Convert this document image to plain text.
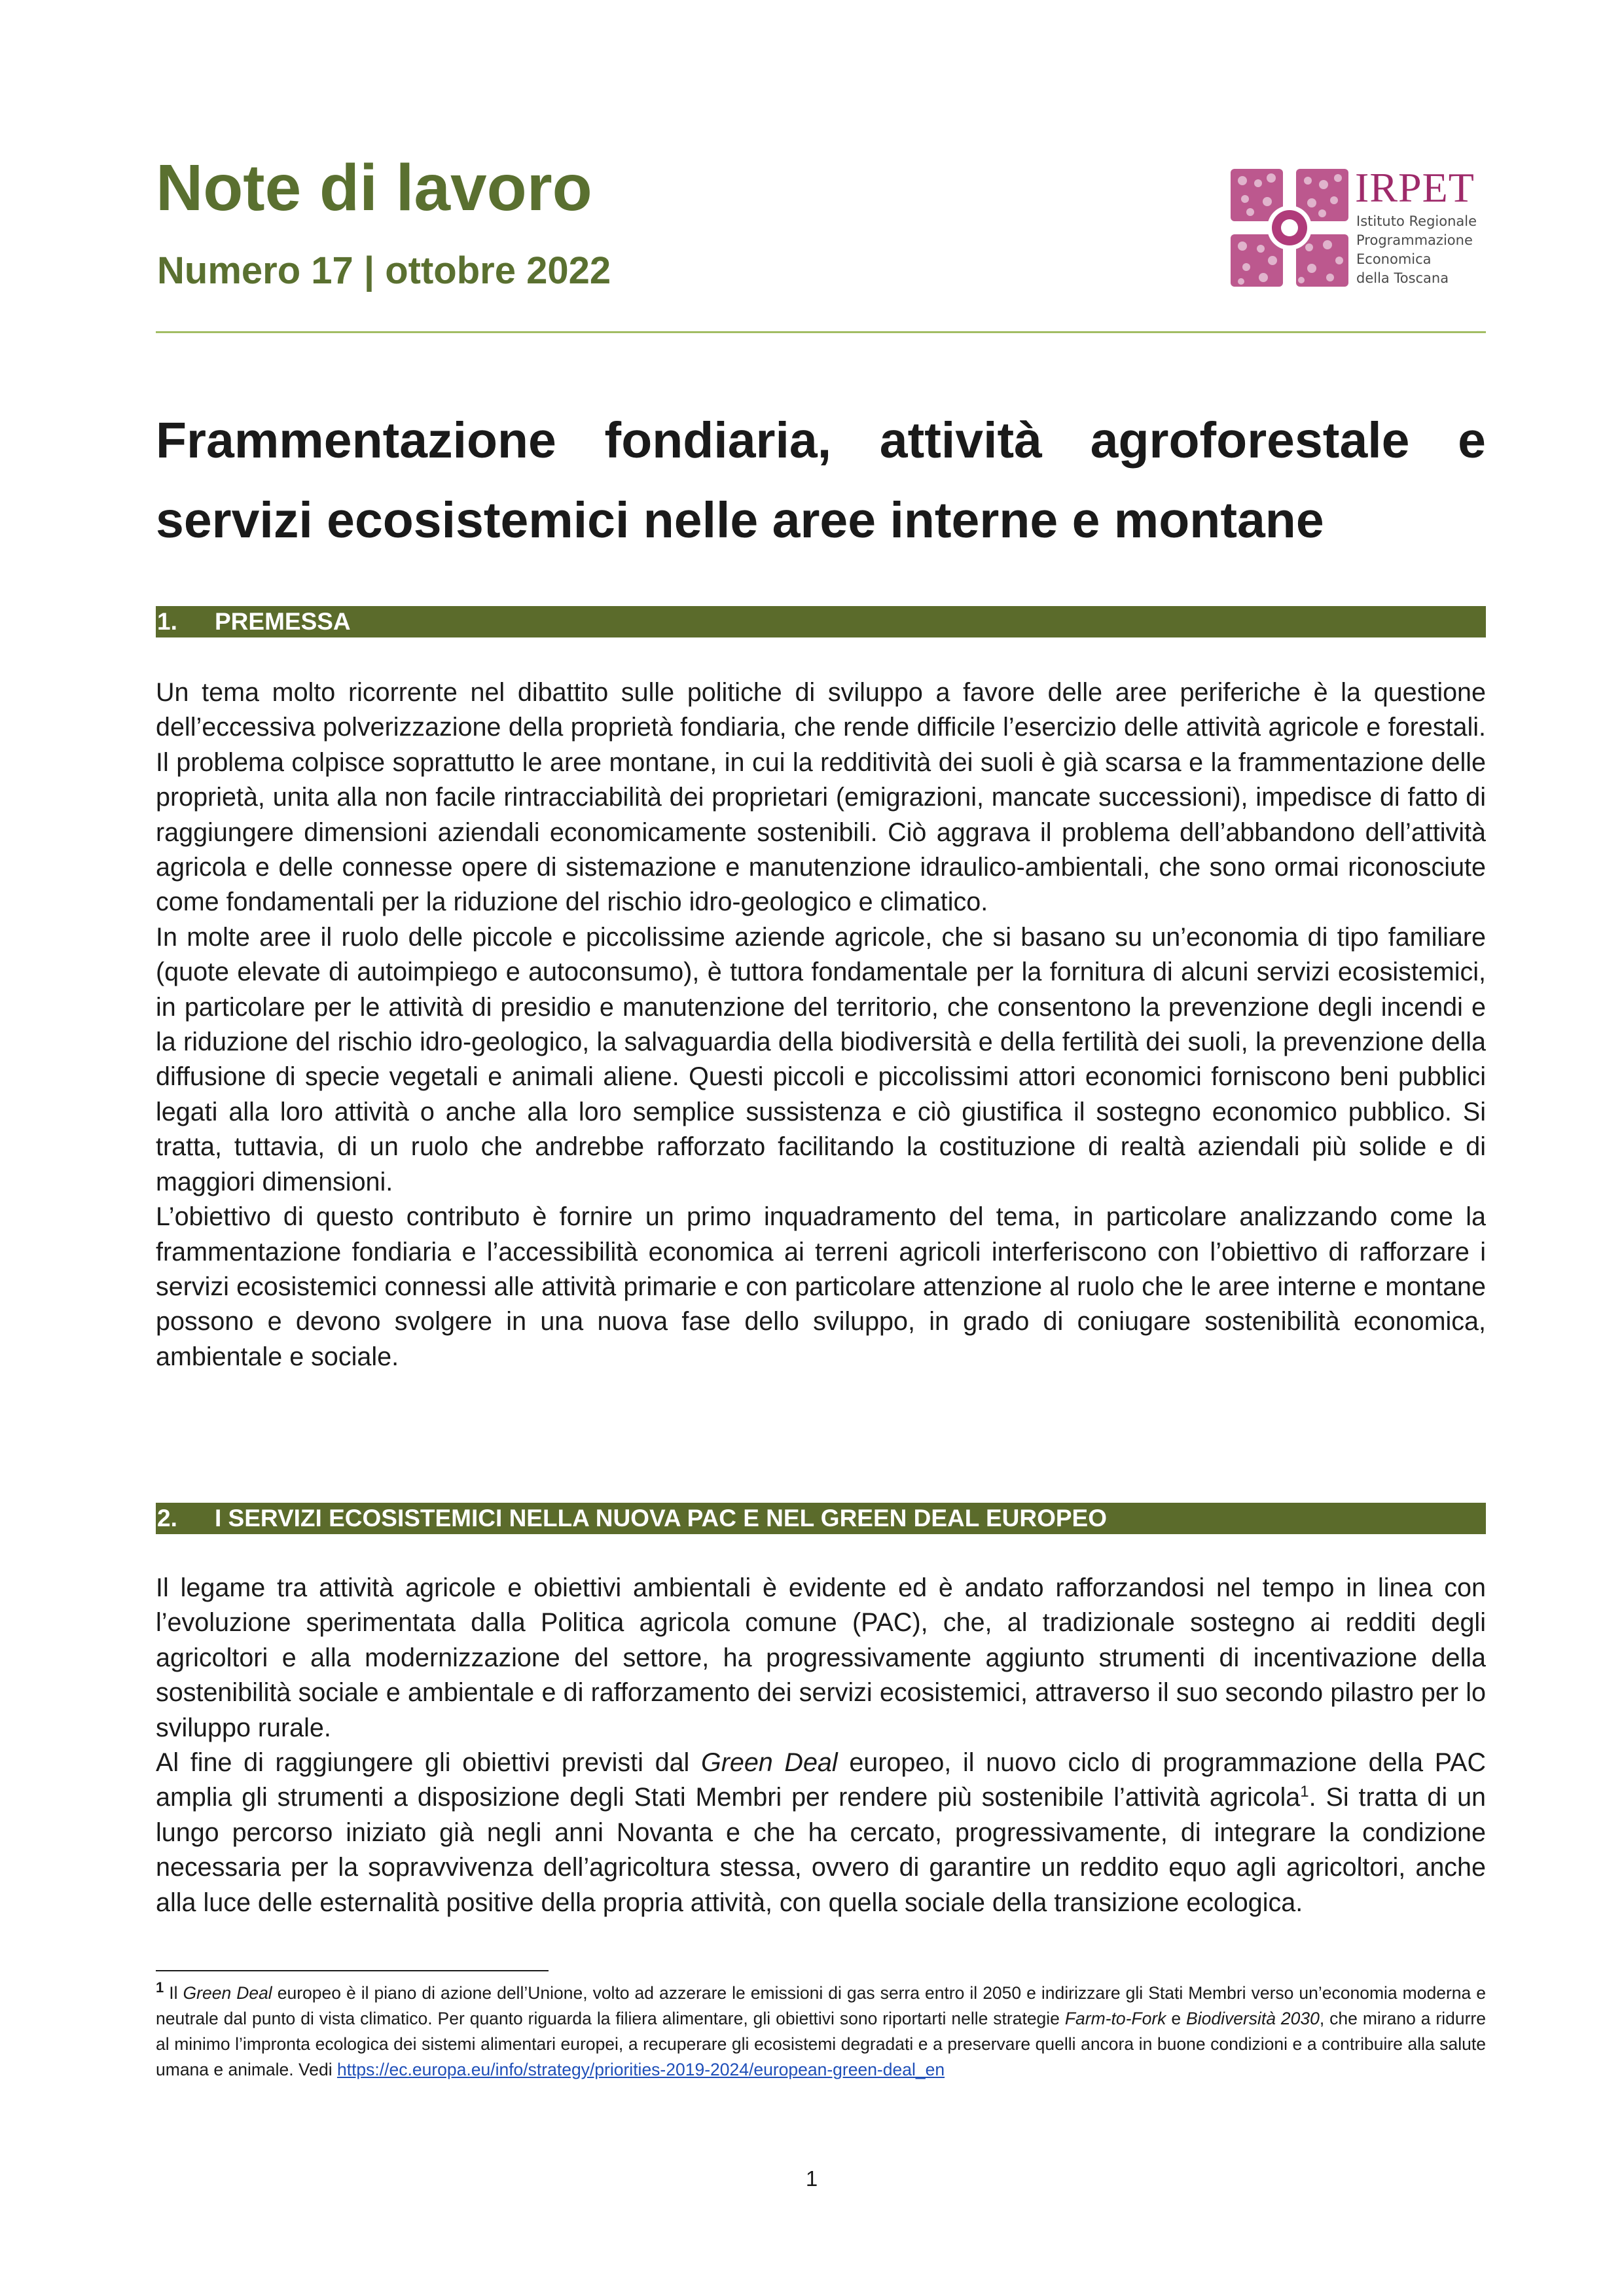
Note di lavoro
Numero 17 | ottobre 2022
IRPET
Istituto Regionale
Programmazione
Economica
della Toscana
Frammentazione fondiaria, attività agroforestale e servizi ecosistemici nelle aree interne e montane
1. PREMESSA

Un tema molto ricorrente nel dibattito sulle politiche di sviluppo a favore delle aree periferiche è la questione dell’eccessiva polverizzazione della proprietà fondiaria, che rende difficile l’esercizio delle attività agricole e forestali. Il problema colpisce soprattutto le aree montane, in cui la redditività dei suoli è già scarsa e la frammentazione delle proprietà, unita alla non facile rintracciabilità dei proprietari (emigrazioni, mancate successioni), impedisce di fatto di raggiungere dimensioni aziendali economicamente sostenibili. Ciò aggrava il problema dell’abbandono dell’attività agricola e delle connesse opere di sistemazione e manutenzione idraulico-ambientali, che sono ormai riconosciute come fondamentali per la riduzione del rischio idro-geologico e climatico.

In molte aree il ruolo delle piccole e piccolissime aziende agricole, che si basano su un’economia di tipo familiare (quote elevate di autoimpiego e autoconsumo), è tuttora fondamentale per la fornitura di alcuni servizi ecosistemici, in particolare per le attività di presidio e manutenzione del territorio, che consentono la prevenzione degli incendi e la riduzione del rischio idro-geologico, la salvaguardia della biodiversità e della fertilità dei suoli, la prevenzione della diffusione di specie vegetali e animali aliene. Questi piccoli e piccolissimi attori economici forniscono beni pubblici legati alla loro attività o anche alla loro semplice sussistenza e ciò giustifica il sostegno economico pubblico. Si tratta, tuttavia, di un ruolo che andrebbe rafforzato facilitando la costituzione di realtà aziendali più solide e di maggiori dimensioni.

L’obiettivo di questo contributo è fornire un primo inquadramento del tema, in particolare analizzando come la frammentazione fondiaria e l’accessibilità economica ai terreni agricoli interferiscono con l’obiettivo di rafforzare i servizi ecosistemici connessi alle attività primarie e con particolare attenzione al ruolo che le aree interne e montane possono e devono svolgere in una nuova fase dello sviluppo, in grado di coniugare sostenibilità economica, ambientale e sociale.

2. I SERVIZI ECOSISTEMICI NELLA NUOVA PAC E NEL GREEN DEAL EUROPEO

Il legame tra attività agricole e obiettivi ambientali è evidente ed è andato rafforzandosi nel tempo in linea con l’evoluzione sperimentata dalla Politica agricola comune (PAC), che, al tradizionale sostegno ai redditi degli agricoltori e alla modernizzazione del settore, ha progressivamente aggiunto strumenti di incentivazione della sostenibilità sociale e ambientale e di rafforzamento dei servizi ecosistemici, attraverso il suo secondo pilastro per lo sviluppo rurale.

Al fine di raggiungere gli obiettivi previsti dal Green Deal europeo, il nuovo ciclo di programmazione della PAC amplia gli strumenti a disposizione degli Stati Membri per rendere più sostenibile l’attività agricola$^1$. Si tratta di un lungo percorso iniziato già negli anni Novanta e che ha cercato, progressivamente, di integrare la condizione necessaria per la sopravvivenza dell’agricoltura stessa, ovvero di garantire un reddito equo agli agricoltori, anche alla luce delle esternalità positive della propria attività, con quella sociale della transizione ecologica.

$^1$ Il Green Deal europeo è il piano di azione dell’Unione, volto ad azzerare le emissioni di gas serra entro il 2050 e indirizzare gli Stati Membri verso un’economia moderna e neutrale dal punto di vista climatico. Per quanto riguarda la filiera alimentare, gli obiettivi sono riportarti nelle strategie Farm-to-Fork e Biodiversità 2030, che mirano a ridurre al minimo l’impronta ecologica dei sistemi alimentari europei, a recuperare gli ecosistemi degradati e a preservare quelli ancora in buone condizioni e a contribuire alla salute umana e animale. Vedi https://ec.europa.eu/info/strategy/priorities-2019-2024/european-green-deal_en

1
